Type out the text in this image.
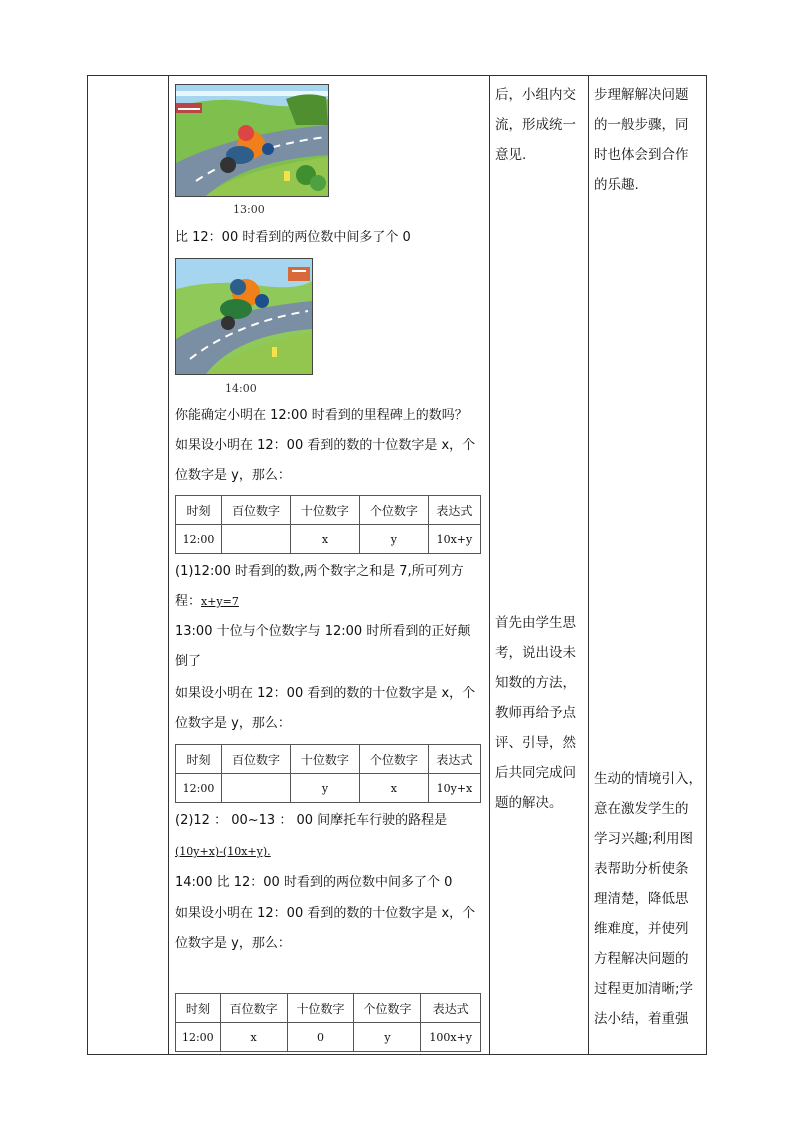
13:00
比 12：00 时看到的两位数中间多了个 0
14:00
你能确定小明在 12:00 时看到的里程碑上的数吗？
如果设小明在 12：00 看到的数的十位数字是 x，个
位数字是 y，那么：
时刻	百位数字	十位数字	个位数字	表达式
12:00		x	y	10x+y
(1)12:00 时看到的数,两个数字之和是 7,所可列方
程：x+y=7
13:00 十位与个位数字与 12:00 时所看到的正好颠
倒了
如果设小明在 12：00 看到的数的十位数字是 x，个
位数字是 y，那么：
时刻	百位数字	十位数字	个位数字	表达式
12:00		y	x	10y+x
(2)12 ： 00~13 ： 00 间摩托车行驶的路程是
(10y+x)-(10x+y).
14:00 比 12：00 时看到的两位数中间多了个 0
如果设小明在 12：00 看到的数的十位数字是 x，个
位数字是 y，那么：
时刻	百位数字	十位数字	个位数字	表达式
12:00	x	0	y	100x+y
后，小组内交
流，形成统一
意见.
首先由学生思
考，说出设未
知数的方法，
教师再给予点
评、引导，然
后共同完成问
题的解决。
步理解解决问题
的一般步骤，同
时也体会到合作
的乐趣.
生动的情境引入，
意在激发学生的
学习兴趣;利用图
表帮助分析使条
理清楚，降低思
维难度，并使列
方程解决问题的
过程更加清晰;学
法小结，着重强
